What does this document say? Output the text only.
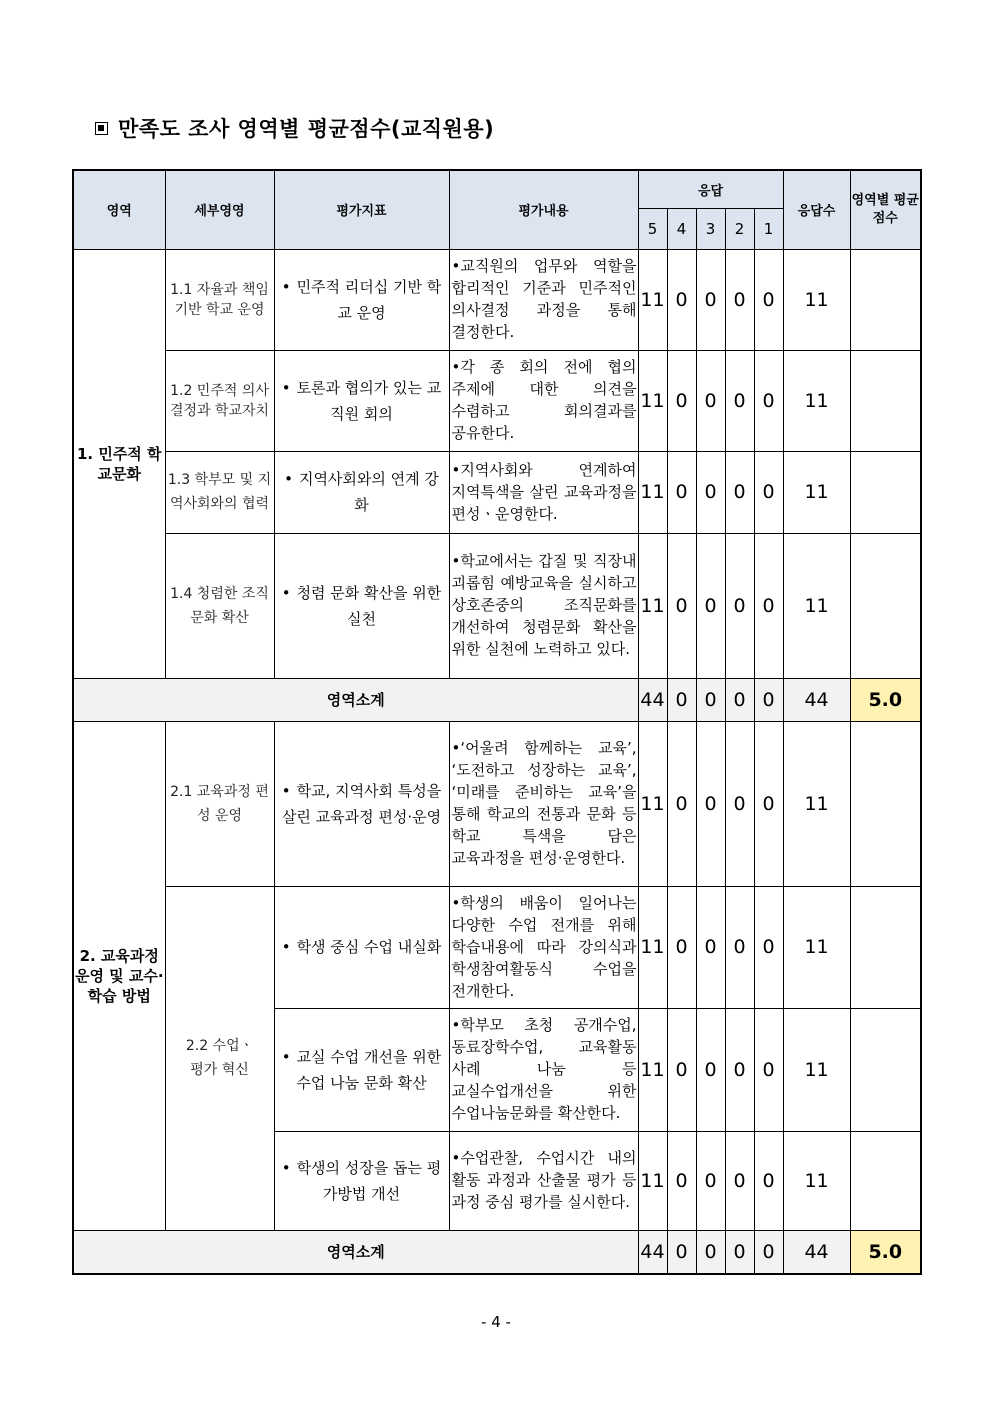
만족도 조사 영역별 평균점수(교직원용)
영역	세부영영	평가지표	평가내용	응답					응답수	영역별 평균점수
				5	4	3	2	1		
1. 민주적 학교문화	1.1 자율과 책임기반 학교 운영	• 민주적 리더십 기반 학교 운영	•교직원의 업무와 역할을 합리적인 기준과 민주적인 의사결정 과정을 통해 결정한다.	11	0	0	0	0	11	
	1.2 민주적 의사결정과 학교자치	• 토론과 협의가 있는 교직원 회의	•각 종 회의 전에 협의 주제에 대한 의견을 수렴하고 회의결과를 공유한다.	11	0	0	0	0	11	
	1.3 학부모 및 지역사회와의 협력	• 지역사회와의 연계 강화	•지역사회와 연계하여 지역특색을 살린 교육과정을 편성ㆍ운영한다.	11	0	0	0	0	11	
	1.4 청렴한 조직문화 확산	• 청렴 문화 확산을 위한 실천	•학교에서는 갑질 및 직장내 괴롭힘 예방교육을 실시하고 상호존중의 조직문화를 개선하여 청렴문화 확산을 위한 실천에 노력하고 있다.	11	0	0	0	0	11	
영역소계				44	0	0	0	0	44	5.0
2. 교육과정 운영 및 교수·학습 방법	2.1 교육과정 편성 운영	• 학교, 지역사회 특성을 살린 교육과정 편성·운영	•‘어울려 함께하는 교육’, ‘도전하고 성장하는 교육’, ‘미래를 준비하는 교육’을 통해 학교의 전통과 문화 등 학교 특색을 담은 교육과정을 편성·운영한다.	11	0	0	0	0	11	
	2.2 수업ㆍ평가 혁신	• 학생 중심 수업 내실화	•학생의 배움이 일어나는 다양한 수업 전개를 위해 학습내용에 따라 강의식과 학생참여활동식 수업을 전개한다.	11	0	0	0	0	11	
		• 교실 수업 개선을 위한 수업 나눔 문화 확산	•학부모 초청 공개수업, 동료장학수업, 교육활동 사례 나눔 등 교실수업개선을 위한 수업나눔문화를 확산한다.	11	0	0	0	0	11	
		• 학생의 성장을 돕는 평가방법 개선	•수업관찰, 수업시간 내의 활동 과정과 산출물 평가 등 과정 중심 평가를 실시한다.	11	0	0	0	0	11	
영역소계				44	0	0	0	0	44	5.0
- 4 -
